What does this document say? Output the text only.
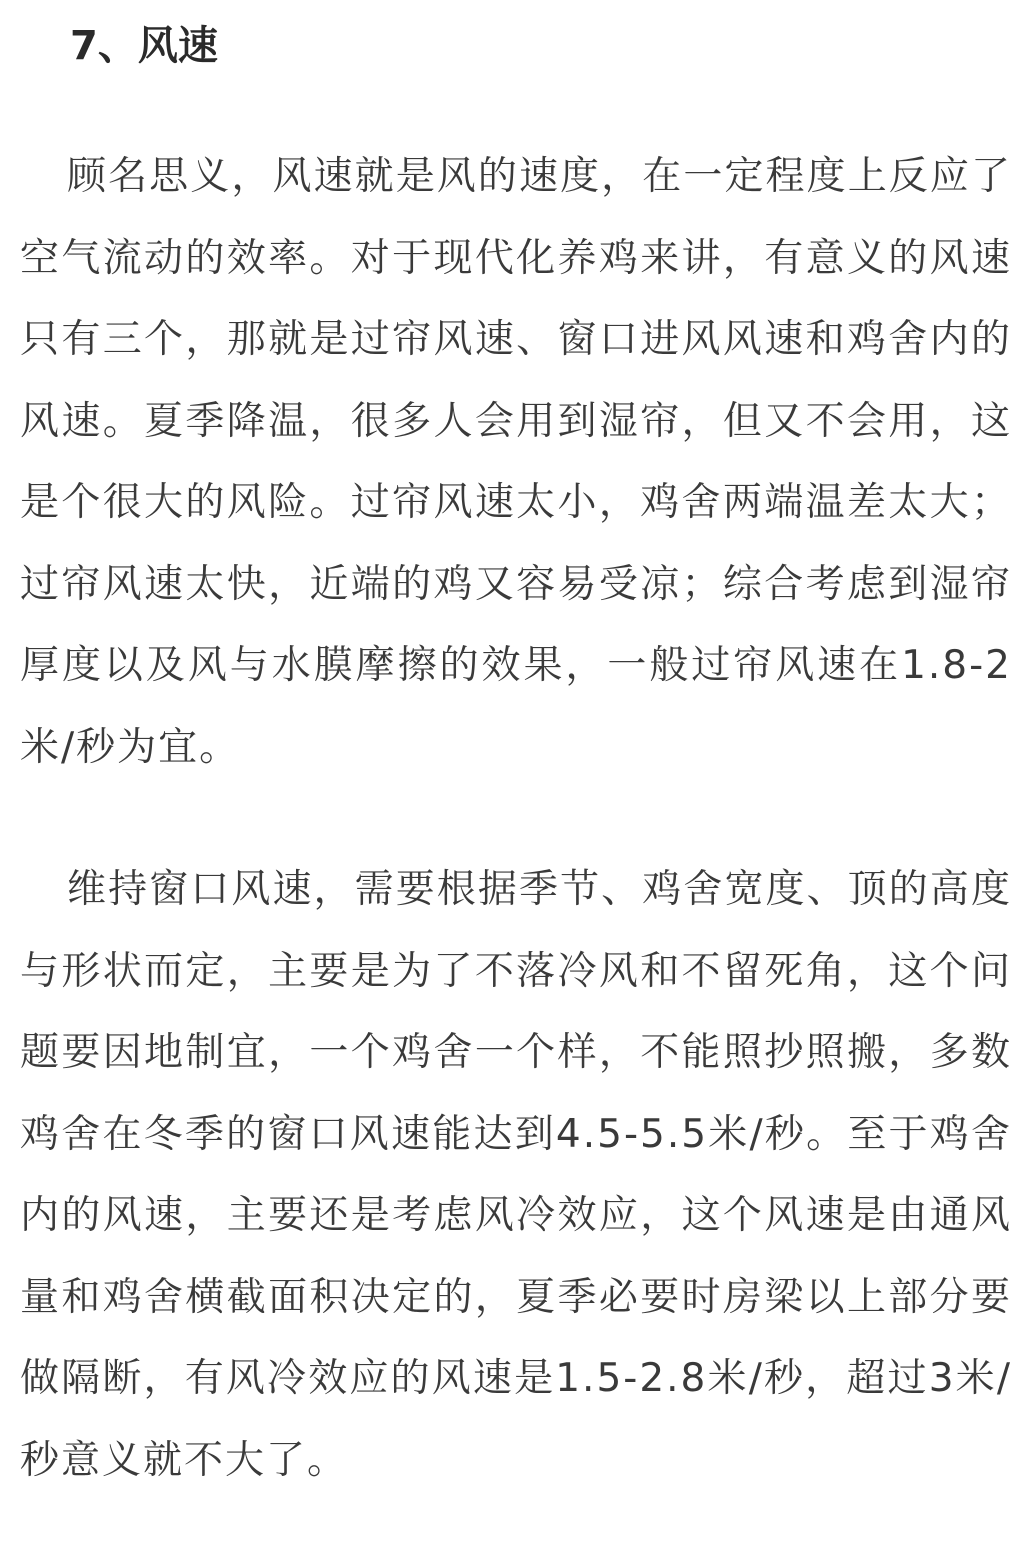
7、风速

顾名思义，风速就是风的速度，在一定程度上反应了空气流动的效率。对于现代化养鸡来讲，有意义的风速只有三个，那就是过帘风速、窗口进风风速和鸡舍内的风速。夏季降温，很多人会用到湿帘，但又不会用，这是个很大的风险。过帘风速太小，鸡舍两端温差太大；过帘风速太快，近端的鸡又容易受凉；综合考虑到湿帘厚度以及风与水膜摩擦的效果，一般过帘风速在1.8-2米/秒为宜。

维持窗口风速，需要根据季节、鸡舍宽度、顶的高度与形状而定，主要是为了不落冷风和不留死角，这个问题要因地制宜，一个鸡舍一个样，不能照抄照搬，多数鸡舍在冬季的窗口风速能达到4.5-5.5米/秒。至于鸡舍内的风速，主要还是考虑风冷效应，这个风速是由通风量和鸡舍横截面积决定的，夏季必要时房梁以上部分要做隔断，有风冷效应的风速是1.5-2.8米/秒，超过3米/秒意义就不大了。
